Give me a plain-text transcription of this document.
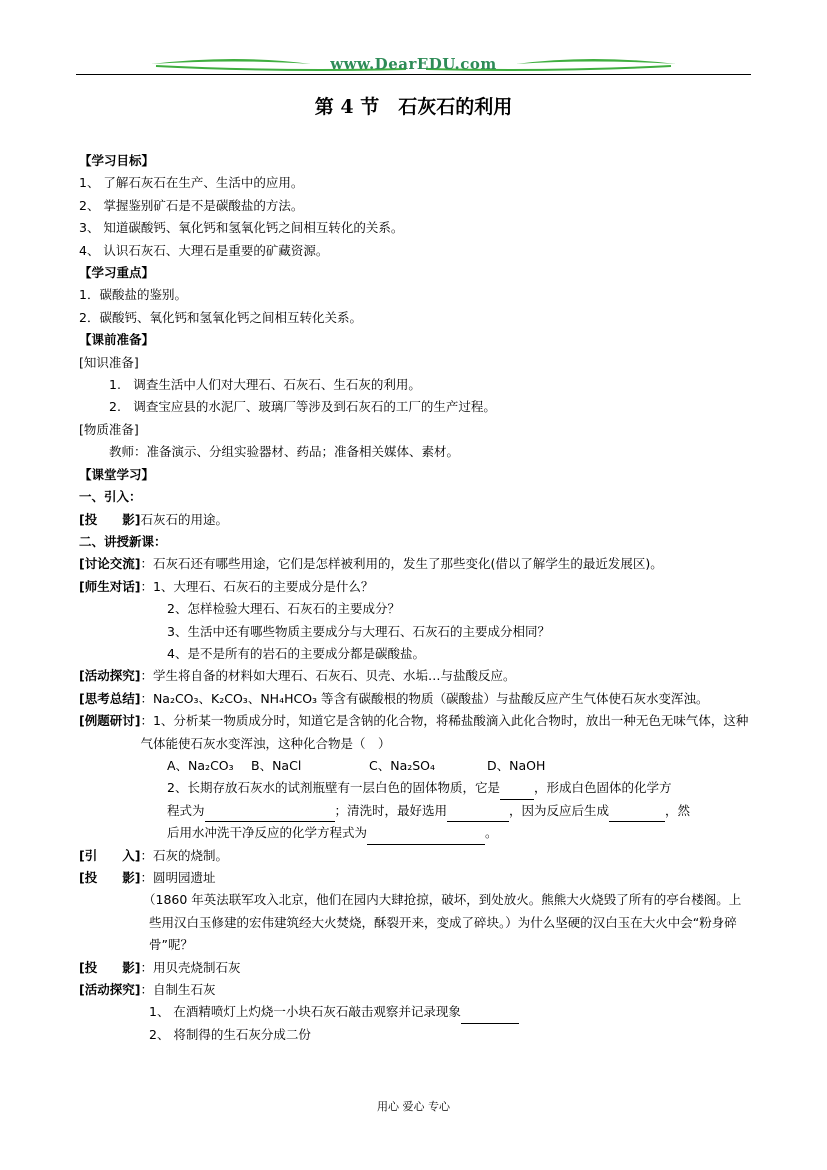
www.DearEDU.com
第 4 节　石灰石的利用
【学习目标】
1、 了解石灰石在生产、生活中的应用。
2、 掌握鉴别矿石是不是碳酸盐的方法。
3、 知道碳酸钙、氧化钙和氢氧化钙之间相互转化的关系。
4、 认识石灰石、大理石是重要的矿藏资源。
【学习重点】
1．碳酸盐的鉴别。
2．碳酸钙、氧化钙和氢氧化钙之间相互转化关系。
【课前准备】
[知识准备]
1.　调查生活中人们对大理石、石灰石、生石灰的利用。
2.　调查宝应县的水泥厂、玻璃厂等涉及到石灰石的工厂的生产过程。
[物质准备]
教师：准备演示、分组实验器材、药品；准备相关媒体、素材。
【课堂学习】
一、引入：
[投　　影]石灰石的用途。
二、讲授新课：
[讨论交流]：石灰石还有哪些用途，它们是怎样被利用的，发生了那些变化(借以了解学生的最近发展区)。
[师生对话]：1、大理石、石灰石的主要成分是什么？
2、怎样检验大理石、石灰石的主要成分？
3、生活中还有哪些物质主要成分与大理石、石灰石的主要成分相同？
4、是不是所有的岩石的主要成分都是碳酸盐。
[活动探究]：学生将自备的材料如大理石、石灰石、贝壳、水垢…与盐酸反应。
[思考总结] ：Na₂CO₃、K₂CO₃、NH₄HCO₃ 等含有碳酸根的物质（碳酸盐）与盐酸反应产生气体使石灰水变浑浊。
[例题研讨] ：1、分析某一物质成分时，知道它是含钠的化合物，将稀盐酸滴入此化合物时，放出一种无色无味气体，这种气体能使石灰水变浑浊，这种化合物是（　）
A、Na₂CO₃ B、NaCl	C、Na₂SO₄	D、NaOH
2、长期存放石灰水的试剂瓶壁有一层白色的固体物质，它是	，形成白色固体的化学方
程式为	；清洗时，最好选用	，因为反应后生成	，然
后用水冲洗干净反应的化学方程式为	。
[引　　入]：石灰的烧制。
[投　　影]：圆明园遗址
（1860 年英法联军攻入北京，他们在园内大肆抢掠，破坏，到处放火。熊熊大火烧毁了所有的亭台楼阁。上些用汉白玉修建的宏伟建筑经大火焚烧，酥裂开来，变成了碎块。）为什么坚硬的汉白玉在大火中会“粉身碎骨”呢？
[投　　影]：用贝壳烧制石灰
[活动探究]：自制生石灰
1、 在酒精喷灯上灼烧一小块石灰石敲击观察并记录现象
2、 将制得的生石灰分成二份
用心 爱心 专心
